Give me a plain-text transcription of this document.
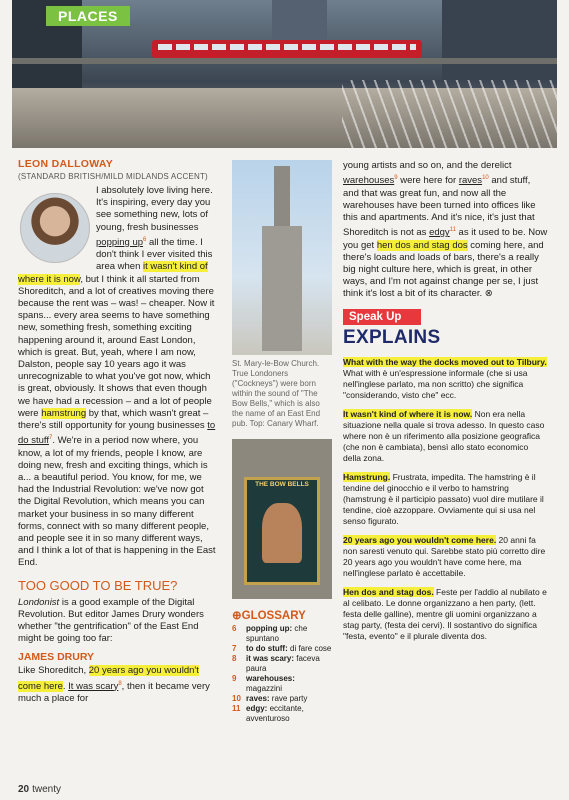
PLACES
LEON DALLOWAY
(STANDARD BRITISH/MILD MIDLANDS ACCENT)

I absolutely love living here. It's inspiring, every day you see something new, lots of young, fresh businesses popping $up^6$ all the time. I don't think I ever visited this area when it wasn't kind of where it is now, but I think it all started from Shoreditch, and a lot of creatives moving there because the rent was – was! – cheaper. Now it spans... every area seems to have something new, something fresh, something exciting happening around it, around East London, which is great. But, yeah, where I am now, Dalston, people say 10 years ago it was unrecognizable to what you've got now, which is great, obviously. It shows that even though we have had a recession – and a lot of people were hamstrung by that, which wasn't great – there's still opportunity for young businesses to do stuff$^7$. We're in a period now where, you know, a lot of my friends, people I know, are doing new, fresh and exciting things, which is a... a beautiful period. You know, for me, we had the Industrial Revolution: we've now got the Digital Revolution, which means you can market your business in so many different forms, connect with so many different people, and people see it in so many different ways, and I think a lot of that is happening in the East End.

TOO GOOD TO BE TRUE?

Londonist is a good example of the Digital Revolution. But editor James Drury wonders whether "the gentrification" of the East End might be going too far:

JAMES DRURY

Like Shoreditch, 20 years ago you wouldn't come here. It was scary$^8$, then it became very much a place for

St. Mary-le-Bow Church. True Londoners ("Cockneys") were born within the sound of "The Bow Bells," which is also the name of an East End pub. Top: Canary Wharf.
THE BOW BELLS
⊕GLOSSARY
6	popping up: che spuntano
7	to do stuff: di fare cose
8	it was scary: faceva paura
9	warehouses: magazzini
10 raves: rave party
11 edgy: eccitante, avventuroso

young artists and so on, and the derelict warehouses$^9$ were here for raves$^{10}$ and stuff, and that was great fun, and now all the warehouses have been turned into offices like this and apartments. And it's nice, it's just that Shoreditch is not as edgy$^{11}$ as it used to be. Now you get hen dos and stag dos coming here, and there's loads and loads of bars, there's a really big night culture here, which is great, in other ways, and I'm not against change per se, I just think it's lost a bit of its character. ⊗

Speak Up
EXPLAINS
What with the way the docks moved out to Tilbury. What with è un'espressione informale (che si usa nell'inglese parlato, ma non scritto) che significa "considerando, visto che" ecc.
It wasn't kind of where it is now. Non era nella situazione nella quale si trova adesso. In questo caso where non è un riferimento alla posizione geografica (che non è cambiata), bensì allo stato economico della zona.
Hamstrung. Frustrata, impedita. The hamstring è il tendine del ginocchio e il verbo to hamstring (hamstrung è il participio passato) vuol dire mutilare il tendine, cioè azzoppare. Ovviamente qui si usa nel senso figurato.
20 years ago you wouldn't come here. 20 anni fa non saresti venuto qui. Sarebbe stato più corretto dire 20 years ago you wouldn't have come here, ma nell'inglese parlato è accettabile.
Hen dos and stag dos. Feste per l'addio al nubilato e al celibato. Le donne organizzano a hen party, (lett. festa delle galline), mentre gli uomini organizzano a stag party, (festa dei cervi). Il sostantivo do significa "festa, evento" e il plurale diventa dos.
20 twenty
